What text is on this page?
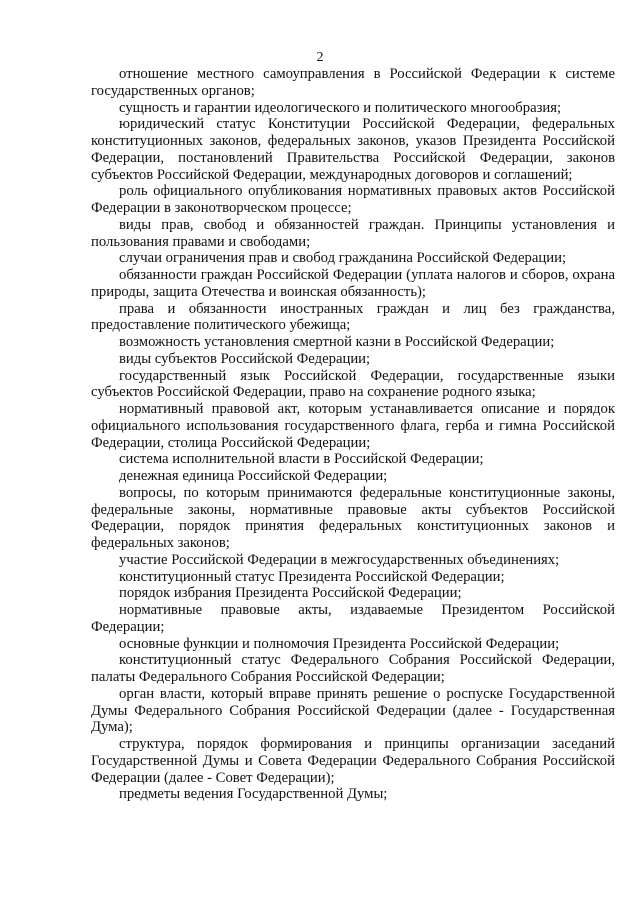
2

отношение местного самоуправления в Российской Федерации к системе государственных органов;

сущность и гарантии идеологического и политического многообразия;

юридический статус Конституции Российской Федерации, федеральных конституционных законов, федеральных законов, указов Президента Российской Федерации, постановлений Правительства Российской Федерации, законов субъектов Российской Федерации, международных договоров и соглашений;

роль официального опубликования нормативных правовых актов Российской Федерации в законотворческом процессе;

виды прав, свобод и обязанностей граждан. Принципы установления и пользования правами и свободами;

случаи ограничения прав и свобод гражданина Российской Федерации;

обязанности граждан Российской Федерации (уплата налогов и сборов, охрана природы, защита Отечества и воинская обязанность);

права и обязанности иностранных граждан и лиц без гражданства, предоставление политического убежища;

возможность установления смертной казни в Российской Федерации;

виды субъектов Российской Федерации;

государственный язык Российской Федерации, государственные языки субъектов Российской Федерации, право на сохранение родного языка;

нормативный правовой акт, которым устанавливается описание и порядок официального использования государственного флага, герба и гимна Российской Федерации, столица Российской Федерации;

система исполнительной власти в Российской Федерации;

денежная единица Российской Федерации;

вопросы, по которым принимаются федеральные конституционные законы, федеральные законы, нормативные правовые акты субъектов Российской Федерации, порядок принятия федеральных конституционных законов и федеральных законов;

участие Российской Федерации в межгосударственных объединениях;

конституционный статус Президента Российской Федерации;

порядок избрания Президента Российской Федерации;

нормативные правовые акты, издаваемые Президентом Российской Федерации;

основные функции и полномочия Президента Российской Федерации;

конституционный статус Федерального Собрания Российской Федерации, палаты Федерального Собрания Российской Федерации;

орган власти, который вправе принять решение о роспуске Государственной Думы Федерального Собрания Российской Федерации (далее - Государственная Дума);

структура, порядок формирования и принципы организации заседаний Государственной Думы и Совета Федерации Федерального Собрания Российской Федерации (далее - Совет Федерации);

предметы ведения Государственной Думы;
